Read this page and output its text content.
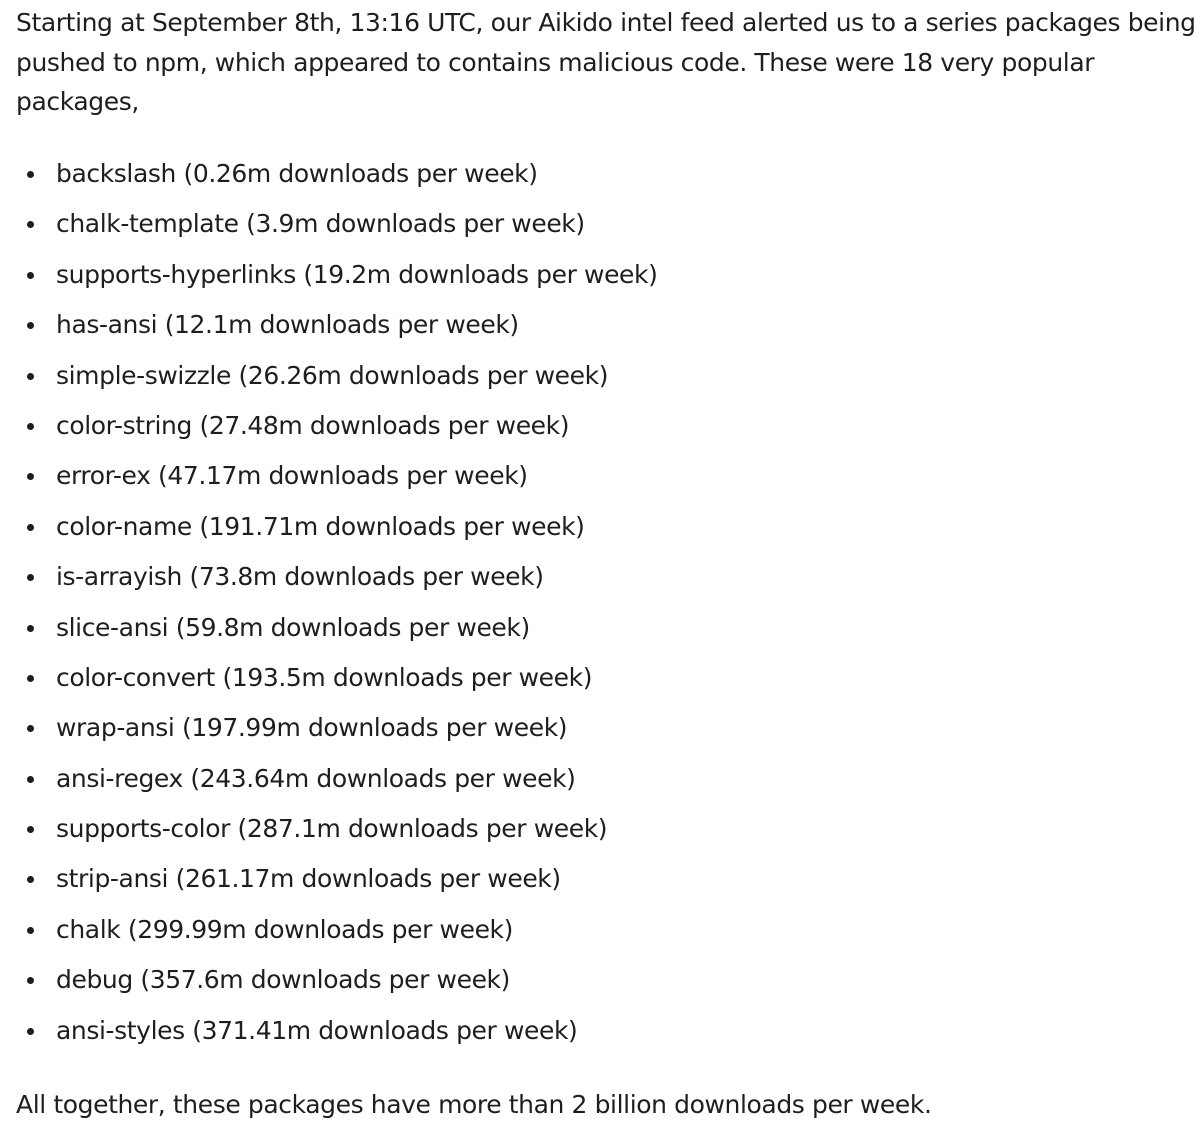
Starting at September 8th, 13:16 UTC, our Aikido intel feed alerted us to a series packages being pushed to npm, which appeared to contains malicious code. These were 18 very popular packages,

backslash (0.26m downloads per week)
chalk-template (3.9m downloads per week)
supports-hyperlinks (19.2m downloads per week)
has-ansi (12.1m downloads per week)
simple-swizzle (26.26m downloads per week)
color-string (27.48m downloads per week)
error-ex (47.17m downloads per week)
color-name (191.71m downloads per week)
is-arrayish (73.8m downloads per week)
slice-ansi (59.8m downloads per week)
color-convert (193.5m downloads per week)
wrap-ansi (197.99m downloads per week)
ansi-regex (243.64m downloads per week)
supports-color (287.1m downloads per week)
strip-ansi (261.17m downloads per week)
chalk (299.99m downloads per week)
debug (357.6m downloads per week)
ansi-styles (371.41m downloads per week)

All together, these packages have more than 2 billion downloads per week.
